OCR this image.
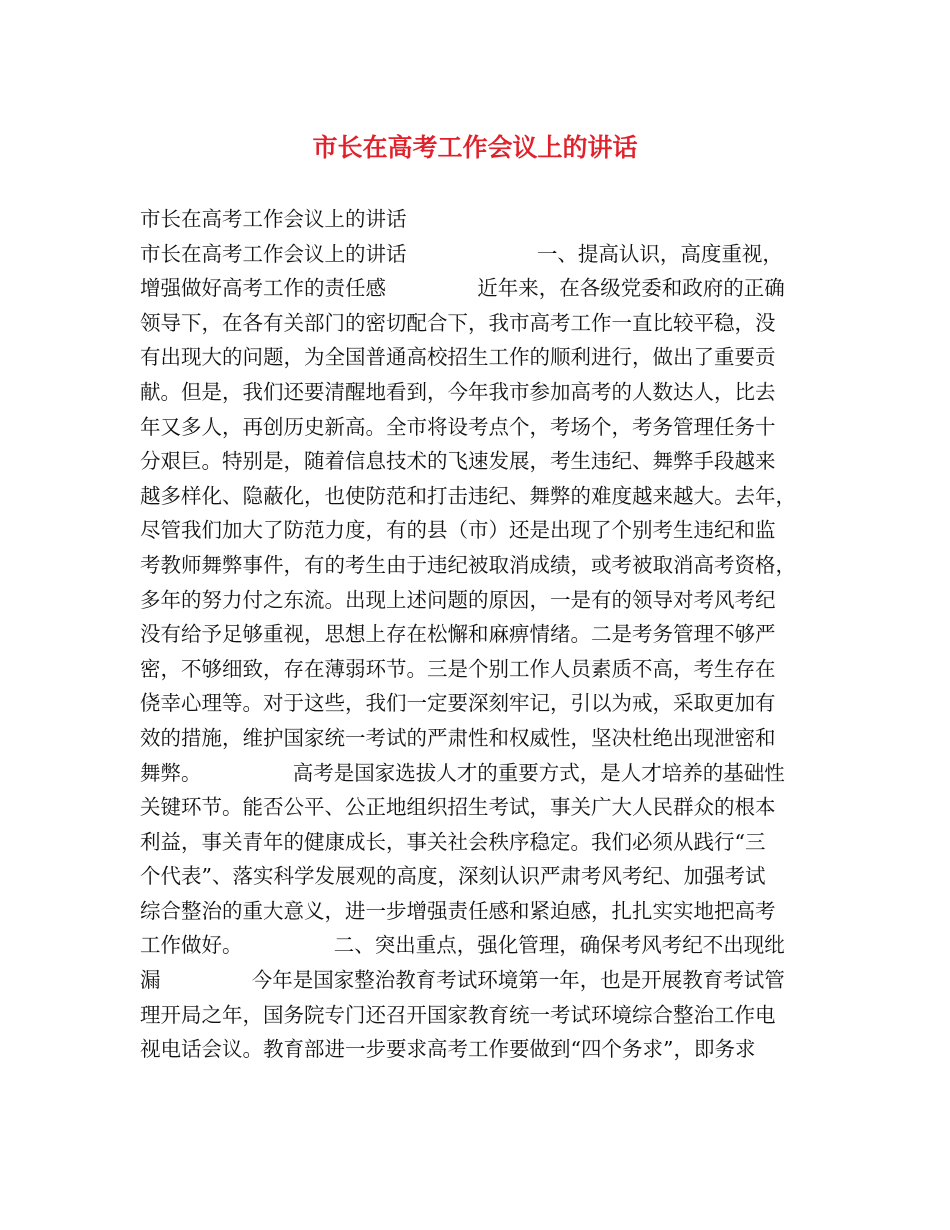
市长在高考工作会议上的讲话
市长在高考工作会议上的讲话
市长在高考工作会议上的讲话                    一、提高认识，高度重视，
增强做好高考工作的责任感              近年来，在各级党委和政府的正确
领导下，在各有关部门的密切配合下，我市高考工作一直比较平稳，没
有出现大的问题，为全国普通高校招生工作的顺利进行，做出了重要贡
献。但是，我们还要清醒地看到，今年我市参加高考的人数达人，比去
年又多人，再创历史新高。全市将设考点个，考场个，考务管理任务十
分艰巨。特别是，随着信息技术的飞速发展，考生违纪、舞弊手段越来
越多样化、隐蔽化，也使防范和打击违纪、舞弊的难度越来越大。去年，
尽管我们加大了防范力度，有的县（市）还是出现了个别考生违纪和监
考教师舞弊事件，有的考生由于违纪被取消成绩，或考被取消高考资格，
多年的努力付之东流。出现上述问题的原因，一是有的领导对考风考纪
没有给予足够重视，思想上存在松懈和麻痹情绪。二是考务管理不够严
密，不够细致，存在薄弱环节。三是个别工作人员素质不高，考生存在
侥幸心理等。对于这些，我们一定要深刻牢记，引以为戒，采取更加有
效的措施，维护国家统一考试的严肃性和权威性，坚决杜绝出现泄密和
舞弊。              高考是国家选拔人才的重要方式，是人才培养的基础性
关键环节。能否公平、公正地组织招生考试，事关广大人民群众的根本
利益，事关青年的健康成长，事关社会秩序稳定。我们必须从践行“三
个代表”、落实科学发展观的高度，深刻认识严肃考风考纪、加强考试
综合整治的重大意义，进一步增强责任感和紧迫感，扎扎实实地把高考
工作做好。              二、突出重点，强化管理，确保考风考纪不出现纰
漏              今年是国家整治教育考试环境第一年，也是开展教育考试管
理开局之年，国务院专门还召开国家教育统一考试环境综合整治工作电
视电话会议。教育部进一步要求高考工作要做到“四个务求”，即务求
